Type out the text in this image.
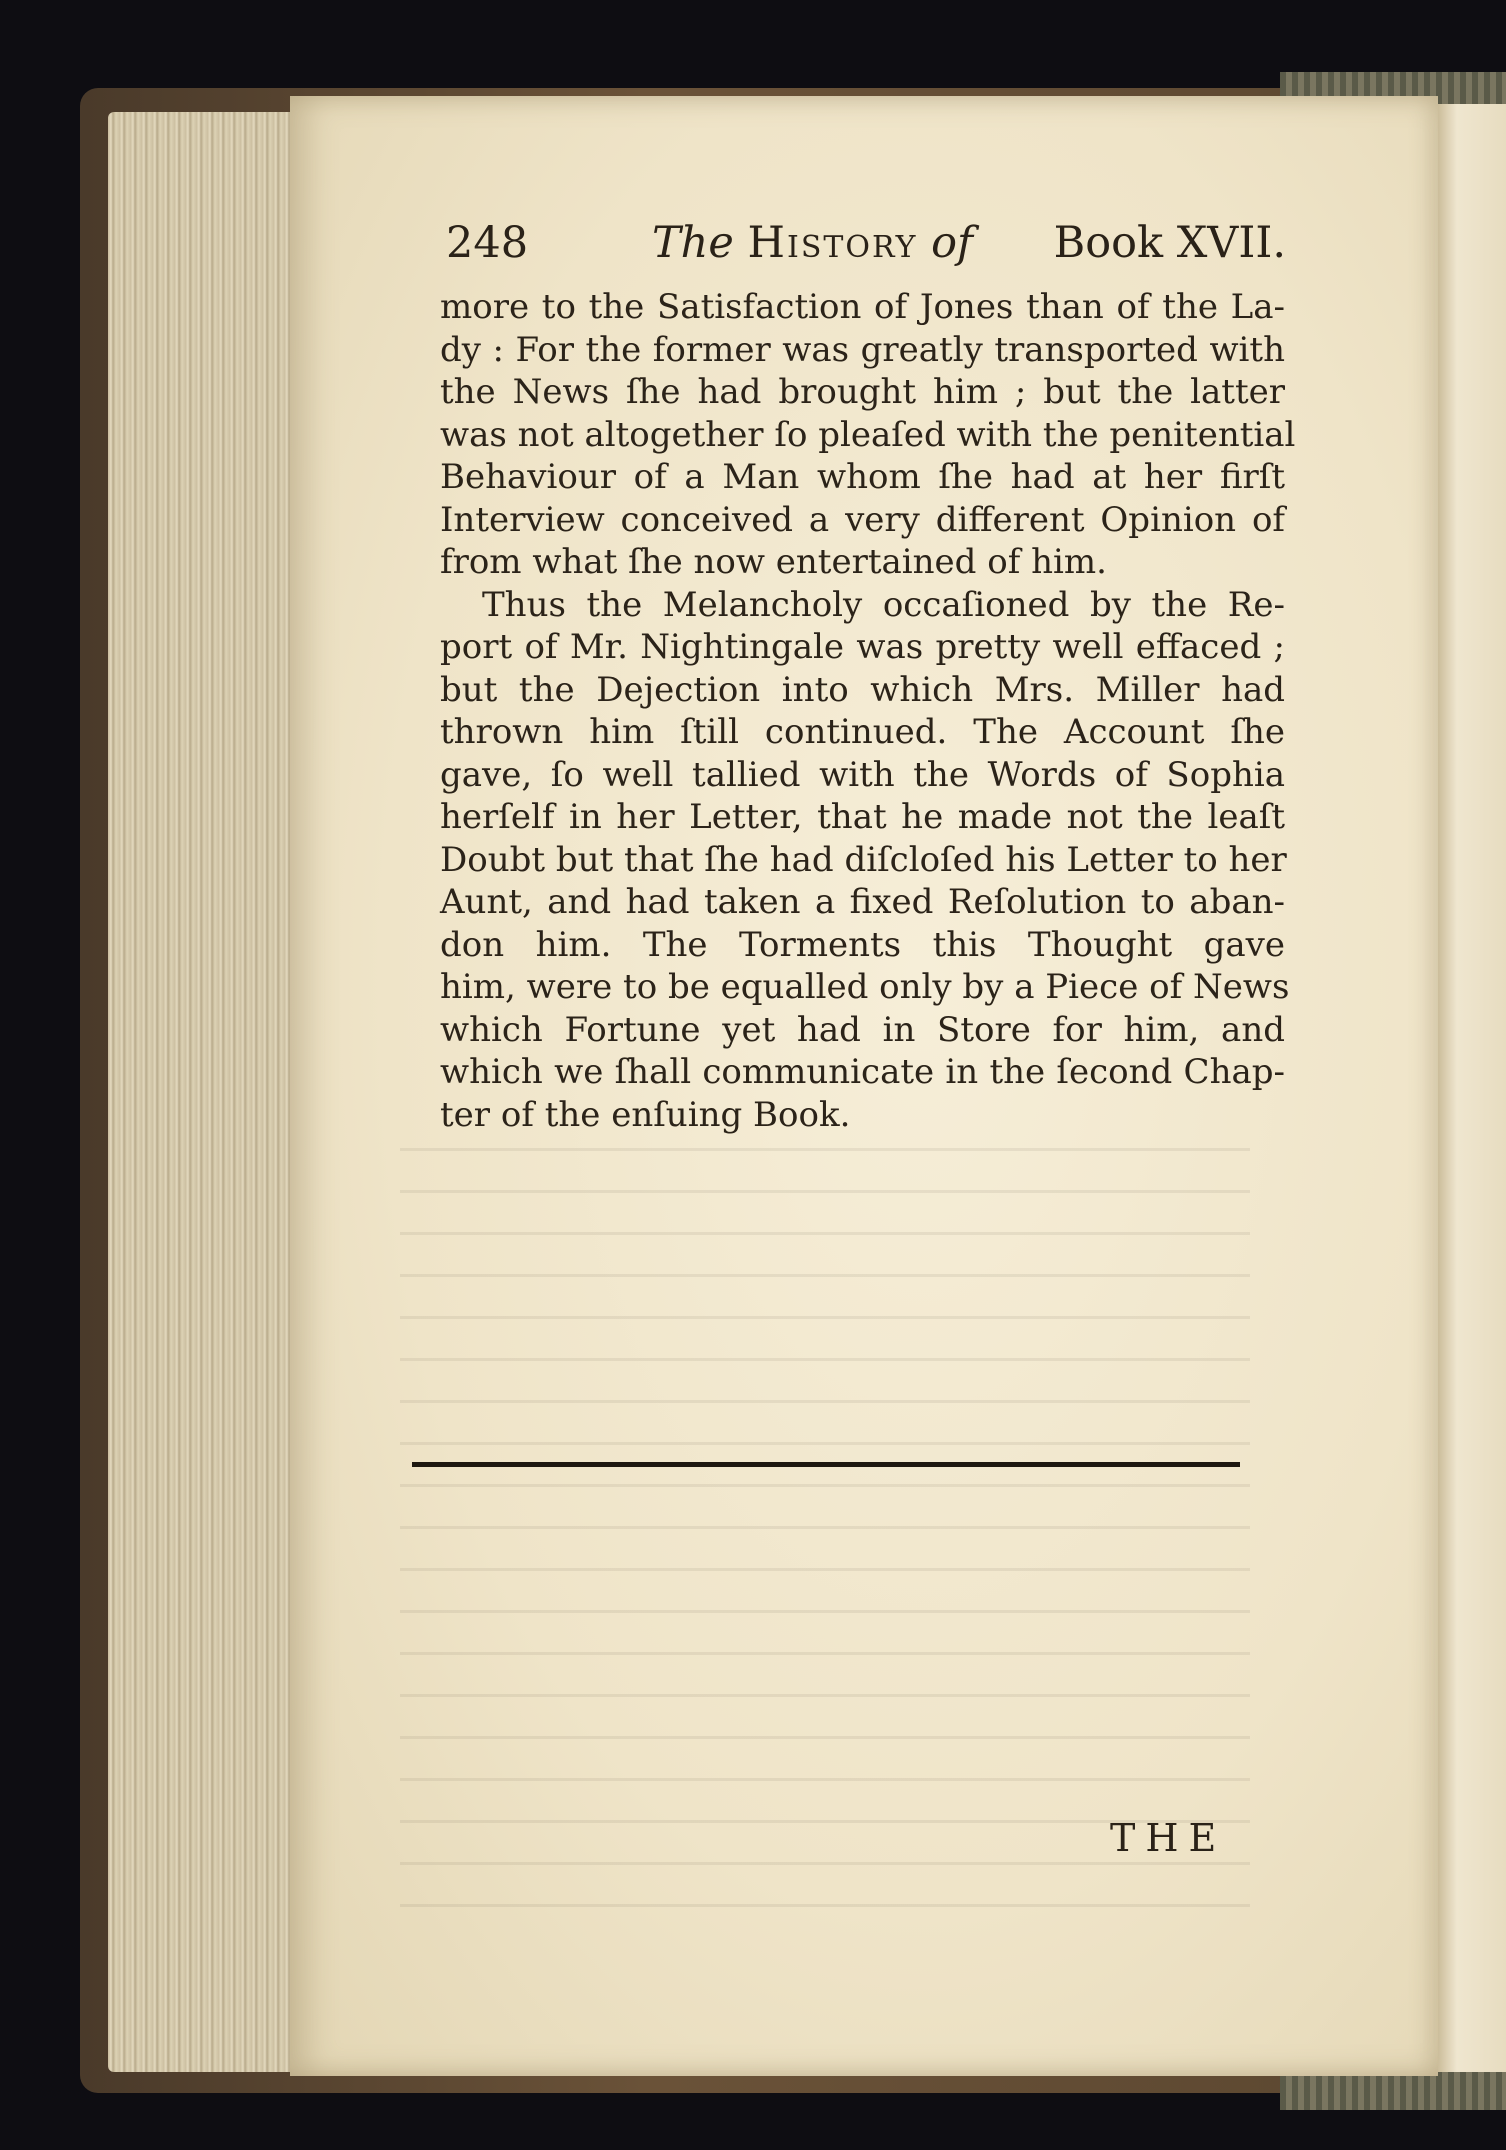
248	The History of Book XVII.
more to the Satisfaction of Jones than of the La-
dy : For the former was greatly transported with
the News ſhe had brought him ; but the latter
was not altogether ſo pleaſed with the penitential
Behaviour of a Man whom ſhe had at her firſt
Interview conceived a very different Opinion of
from what ſhe now entertained of him.
Thus the Melancholy occaſioned by the Re-
port of Mr. Nightingale was pretty well effaced ;
but the Dejection into which Mrs. Miller had
thrown him ſtill continued. The Account ſhe
gave, ſo well tallied with the Words of Sophia
herſelf in her Letter, that he made not the leaſt
Doubt but that ſhe had diſcloſed his Letter to her
Aunt, and had taken a fixed Reſolution to aban-
don him. The Torments this Thought gave
him, were to be equalled only by a Piece of News
which Fortune yet had in Store for him, and
which we ſhall communicate in the ſecond Chap-
ter of the enſuing Book.
THE
